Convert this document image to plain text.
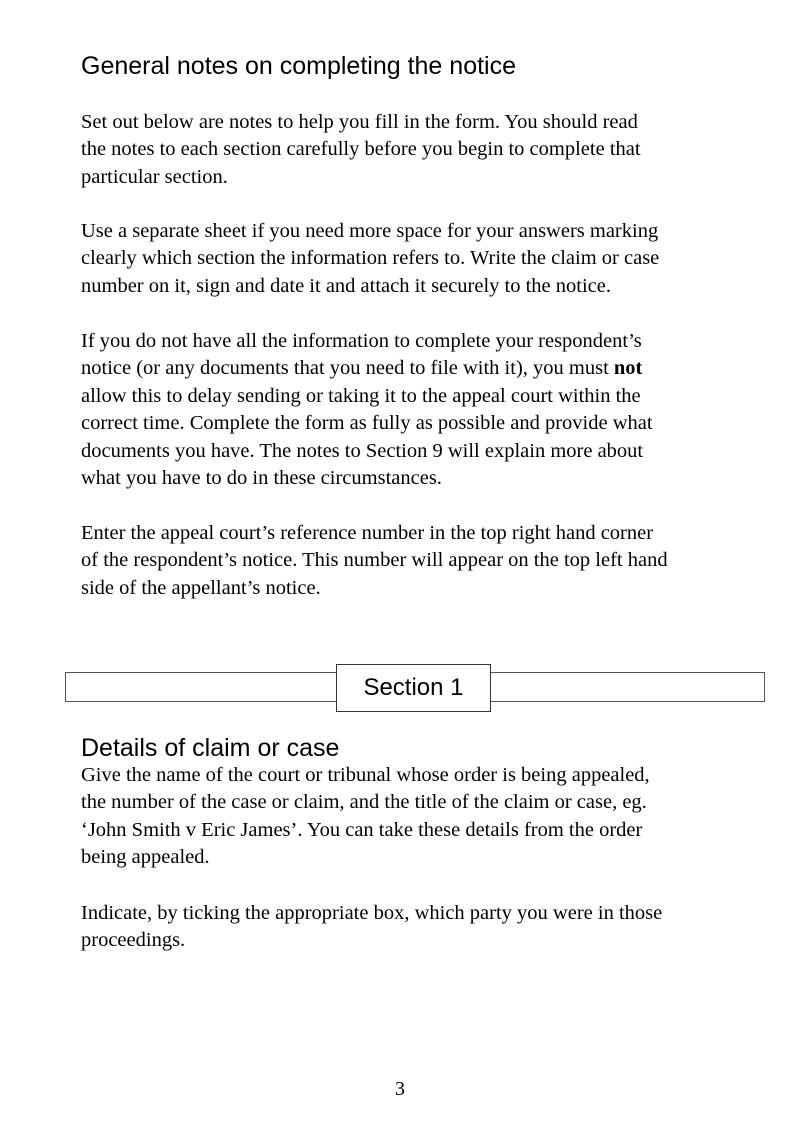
General notes on completing the notice

Set out below are notes to help you fill in the form. You should read
the notes to each section carefully before you begin to complete that
particular section.

Use a separate sheet if you need more space for your answers marking
clearly which section the information refers to. Write the claim or case
number on it, sign and date it and attach it securely to the notice.

If you do not have all the information to complete your respondent’s
notice (or any documents that you need to file with it), you must not
allow this to delay sending or taking it to the appeal court within the
correct time. Complete the form as fully as possible and provide what
documents you have. The notes to Section 9 will explain more about
what you have to do in these circumstances.

Enter the appeal court’s reference number in the top right hand corner
of the respondent’s notice. This number will appear on the top left hand
side of the appellant’s notice.

Section 1
Details of claim or case

Give the name of the court or tribunal whose order is being appealed,
the number of the case or claim, and the title of the claim or case, eg.
‘John Smith v Eric James’. You can take these details from the order
being appealed.

Indicate, by ticking the appropriate box, which party you were in those
proceedings.

3
